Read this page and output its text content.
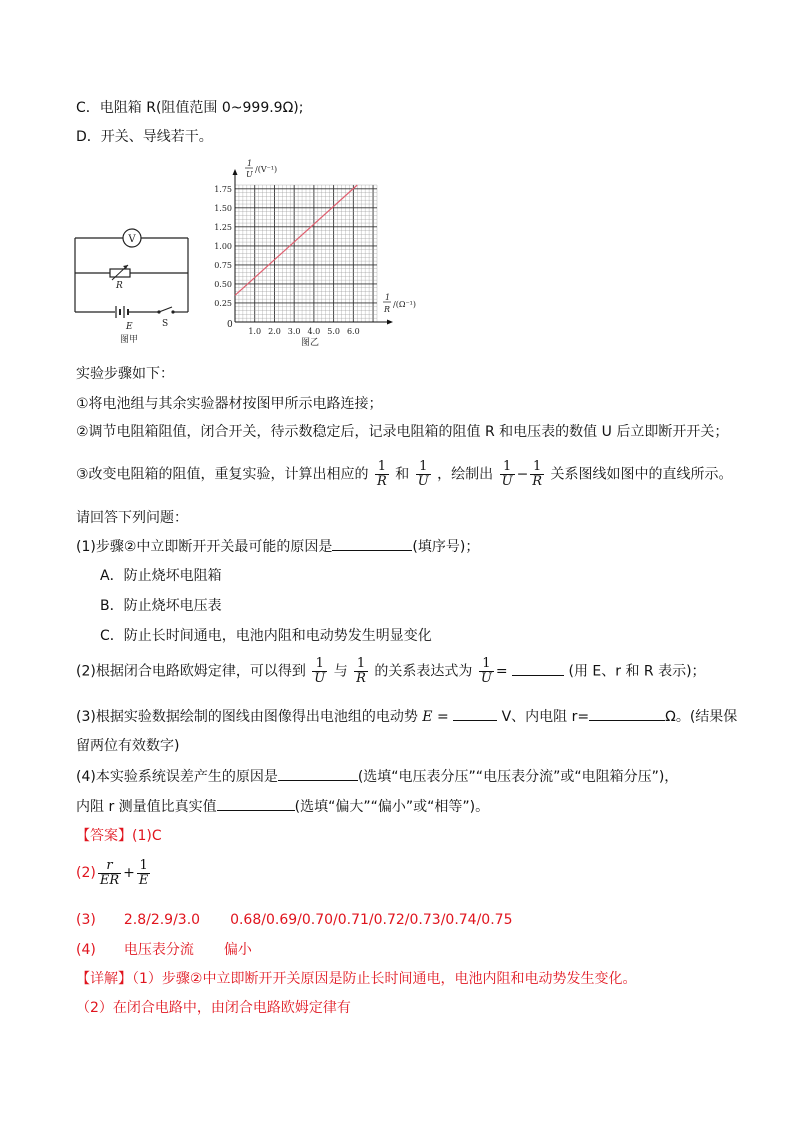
C．电阻箱 R(阻值范围 0~999.9Ω);
D．开关、导线若干。
V
R
E	S
图甲
1
U
/(V⁻¹)
1
R
/(Ω⁻¹)
0
图乙
1.75
1.50
1.25
1.00
0.75
0.50
0.25
1.0 2.0 3.0 4.0 5.0 6.0
实验步骤如下：
①将电池组与其余实验器材按图甲所示电路连接；
②调节电阻箱阻值，闭合开关，待示数稳定后，记录电阻箱的阻值 R 和电压表的数值 U 后立即断开开关；
③改变电阻箱的阻值，重复实验，计算出相应的 $\frac{1}{R}$ 和 $\frac{1}{U}$ ，绘制出 $\frac{1}{U} - \frac{1}{R}$ 关系图线如图中的直线所示。
请回答下列问题：
(1)步骤②中立即断开开关最可能的原因是	(填序号)；
A．防止烧坏电阻箱
B．防止烧坏电压表
C．防止长时间通电，电池内阻和电动势发生明显变化
(2)根据闭合电路欧姆定律，可以得到 $\frac{1}{U}$ 与 $\frac{1}{R}$ 的关系表达式为 $\frac{1}{U}$ =	(用 E、r 和 R 表示)；
(3)根据实验数据绘制的图线由图像得出电池组的电动势 E =	V、内电阻 r=	Ω。(结果保
留两位有效数字)
(4)本实验系统误差产生的原因是	(选填“电压表分压”“电压表分流”或“电阻箱分压”)，
内阻 r 测量值比真实值	(选填“偏大”“偏小”或“相等”)。
【答案】(1)C
$(2) \frac{r}{ER} + \frac{1}{E}$
(3) 2.8/2.9/3.0 0.68/0.69/0.70/0.71/0.72/0.73/0.74/0.75
(4) 电压表分流 偏小
【详解】（1）步骤②中立即断开开关原因是防止长时间通电，电池内阻和电动势发生变化。
（2）在闭合电路中，由闭合电路欧姆定律有
